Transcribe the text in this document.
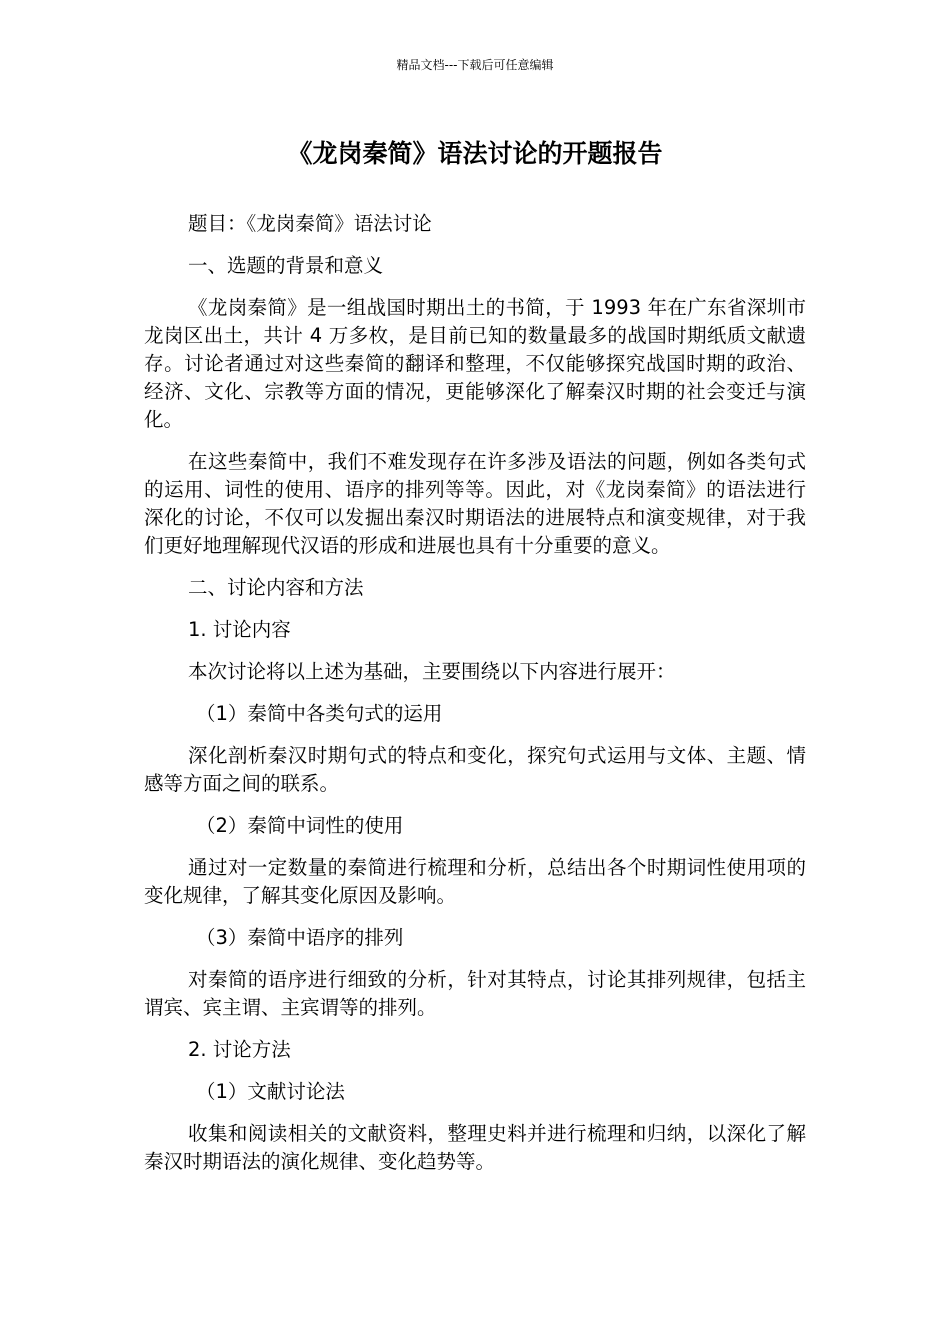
精品文档---下载后可任意编辑
《龙岗秦简》语法讨论的开题报告

题目：《龙岗秦简》语法讨论

一、选题的背景和意义

《龙岗秦简》是一组战国时期出土的书简，于 1993 年在广东省深圳市龙岗区出土，共计 4 万多枚，是目前已知的数量最多的战国时期纸质文献遗存。讨论者通过对这些秦简的翻译和整理，不仅能够探究战国时期的政治、经济、文化、宗教等方面的情况，更能够深化了解秦汉时期的社会变迁与演化。

在这些秦简中，我们不难发现存在许多涉及语法的问题，例如各类句式的运用、词性的使用、语序的排列等等。因此，对《龙岗秦简》的语法进行深化的讨论，不仅可以发掘出秦汉时期语法的进展特点和演变规律，对于我们更好地理解现代汉语的形成和进展也具有十分重要的意义。

二、讨论内容和方法

1. 讨论内容

本次讨论将以上述为基础，主要围绕以下内容进行展开：

（1）秦简中各类句式的运用

深化剖析秦汉时期句式的特点和变化，探究句式运用与文体、主题、情感等方面之间的联系。

（2）秦简中词性的使用

通过对一定数量的秦简进行梳理和分析，总结出各个时期词性使用项的变化规律，了解其变化原因及影响。

（3）秦简中语序的排列

对秦简的语序进行细致的分析，针对其特点，讨论其排列规律，包括主谓宾、宾主谓、主宾谓等的排列。

2. 讨论方法

（1）文献讨论法

收集和阅读相关的文献资料，整理史料并进行梳理和归纳，以深化了解秦汉时期语法的演化规律、变化趋势等。
